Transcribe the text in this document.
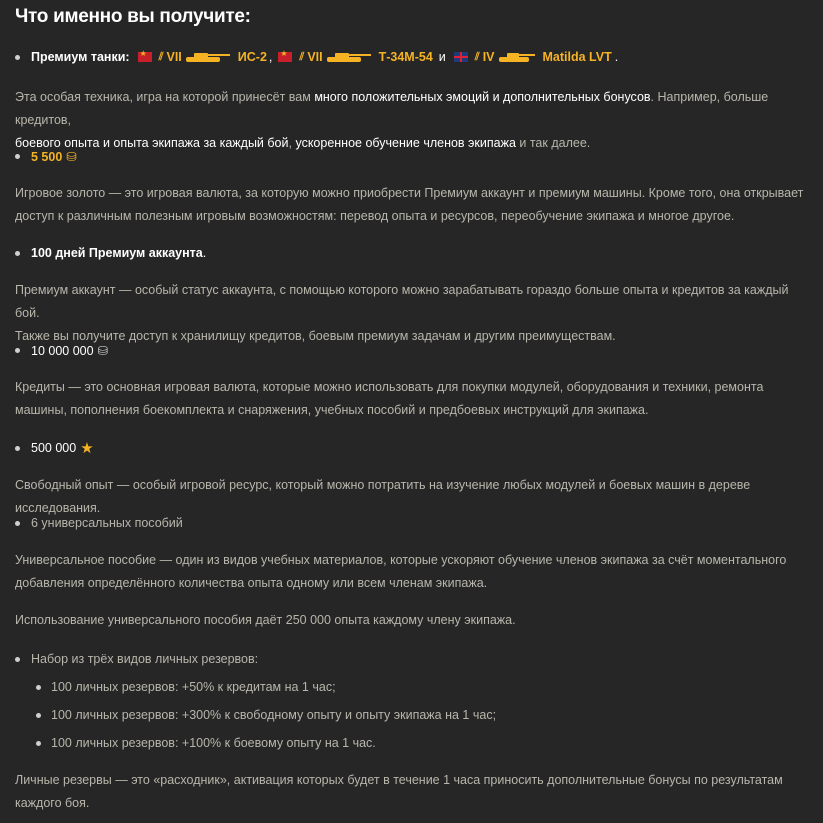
Что именно вы получите:
Премиум танки: ★	⫽ VII	ИС-2 , ★ ⫽ VII	Т-34М-54 и	⫽ IV	Matilda LVT .
Эта особая техника, игра на которой принесёт вам много положительных эмоций и дополнительных бонусов. Например, больше кредитов,
боевого опыта и опыта экипажа за каждый бой, ускоренное обучение членов экипажа и так далее.
5 500 ⛁
Игровое золото — это игровая валюта, за которую можно приобрести Премиум аккаунт и премиум машины. Кроме того, она открывает доступ к различным полезным игровым возможностям: перевод опыта и ресурсов, переобучение экипажа и многое другое.
100 дней Премиум аккаунта .
Премиум аккаунт — особый статус аккаунта, с помощью которого можно зарабатывать гораздо больше опыта и кредитов за каждый бой.
Также вы получите доступ к хранилищу кредитов, боевым премиум задачам и другим преимуществам.
10 000 000 ⛁
Кредиты — это основная игровая валюта, которые можно использовать для покупки модулей, оборудования и техники, ремонта машины, пополнения боекомплекта и снаряжения, учебных пособий и предбоевых инструкций для экипажа.
500 000 ★
Свободный опыт — особый игровой ресурс, который можно потратить на изучение любых модулей и боевых машин в дереве исследования.
6 универсальных пособий
Универсальное пособие — один из видов учебных материалов, которые ускоряют обучение членов экипажа за счёт моментального добавления определённого количества опыта одному или всем членам экипажа.
Использование универсального пособия даёт 250 000 опыта каждому члену экипажа.
Набор из трёх видов личных резервов:
100 личных резервов: +50% к кредитам на 1 час;
100 личных резервов: +300% к свободному опыту и опыту экипажа на 1 час;
100 личных резервов: +100% к боевому опыту на 1 час.
Личные резервы — это «расходник», активация которых будет в течение 1 часа приносить дополнительные бонусы по результатам каждого боя.
